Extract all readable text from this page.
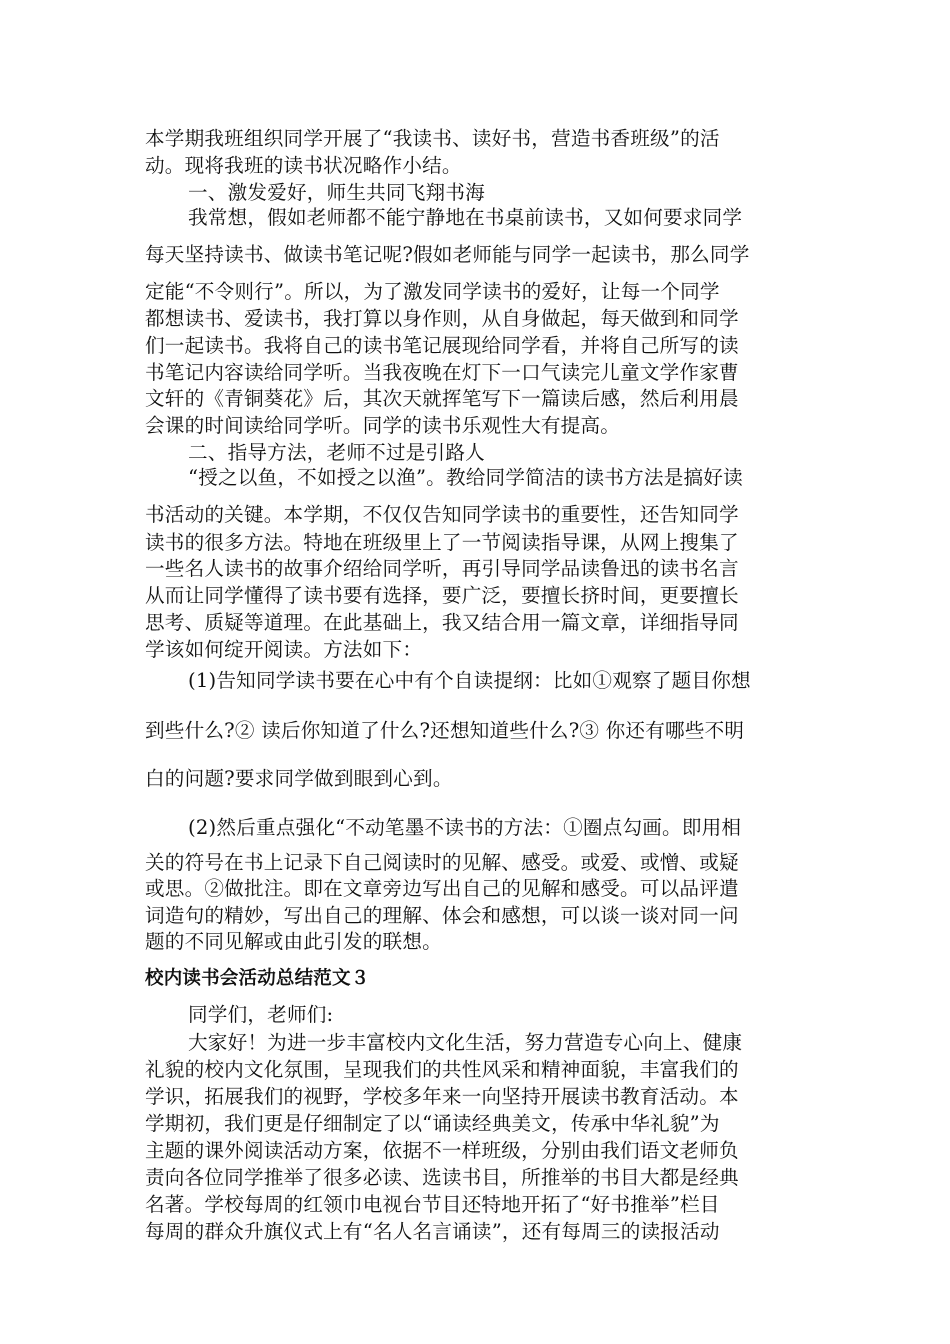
本学期我班组织同学开展了“我读书、读好书，营造书香班级”的活
动。现将我班的读书状况略作小结。
一、激发爱好，师生共同飞翔书海
我常想，假如老师都不能宁静地在书桌前读书，又如何要求同学
每天坚持读书、做读书笔记呢?假如老师能与同学一起读书，那么同学
定能“不令则行”。所以，为了激发同学读书的爱好，让每一个同学
都想读书、爱读书，我打算以身作则，从自身做起，每天做到和同学
们一起读书。我将自己的读书笔记展现给同学看，并将自己所写的读
书笔记内容读给同学听。当我夜晚在灯下一口气读完儿童文学作家曹
文轩的《青铜葵花》后，其次天就挥笔写下一篇读后感，然后利用晨
会课的时间读给同学听。同学的读书乐观性大有提高。
二、指导方法，老师不过是引路人
“授之以鱼，不如授之以渔”。教给同学简洁的读书方法是搞好读
书活动的关键。本学期，不仅仅告知同学读书的重要性，还告知同学
读书的很多方法。特地在班级里上了一节阅读指导课，从网上搜集了
一些名人读书的故事介绍给同学听，再引导同学品读鲁迅的读书名言
从而让同学懂得了读书要有选择，要广泛，要擅长挤时间，更要擅长
思考、质疑等道理。在此基础上，我又结合用一篇文章，详细指导同
学该如何绽开阅读。方法如下：
(1)告知同学读书要在心中有个自读提纲：比如①观察了题目你想
到些什么?② 读后你知道了什么?还想知道些什么?③ 你还有哪些不明
白的问题?要求同学做到眼到心到。
(2)然后重点强化“不动笔墨不读书的方法：①圈点勾画。即用相
关的符号在书上记录下自己阅读时的见解、感受。或爱、或憎、或疑
或思。②做批注。即在文章旁边写出自己的见解和感受。可以品评遣
词造句的精妙，写出自己的理解、体会和感想，可以谈一谈对同一问
题的不同见解或由此引发的联想。
校内读书会活动总结范文３
同学们，老师们:
大家好！为进一步丰富校内文化生活，努力营造专心向上、健康
礼貌的校内文化氛围，呈现我们的共性风采和精神面貌，丰富我们的
学识，拓展我们的视野，学校多年来一向坚持开展读书教育活动。本
学期初，我们更是仔细制定了以“诵读经典美文，传承中华礼貌”为
主题的课外阅读活动方案，依据不一样班级，分别由我们语文老师负
责向各位同学推举了很多必读、选读书目，所推举的书目大都是经典
名著。学校每周的红领巾电视台节目还特地开拓了“好书推举”栏目
每周的群众升旗仪式上有“名人名言诵读”，还有每周三的读报活动
